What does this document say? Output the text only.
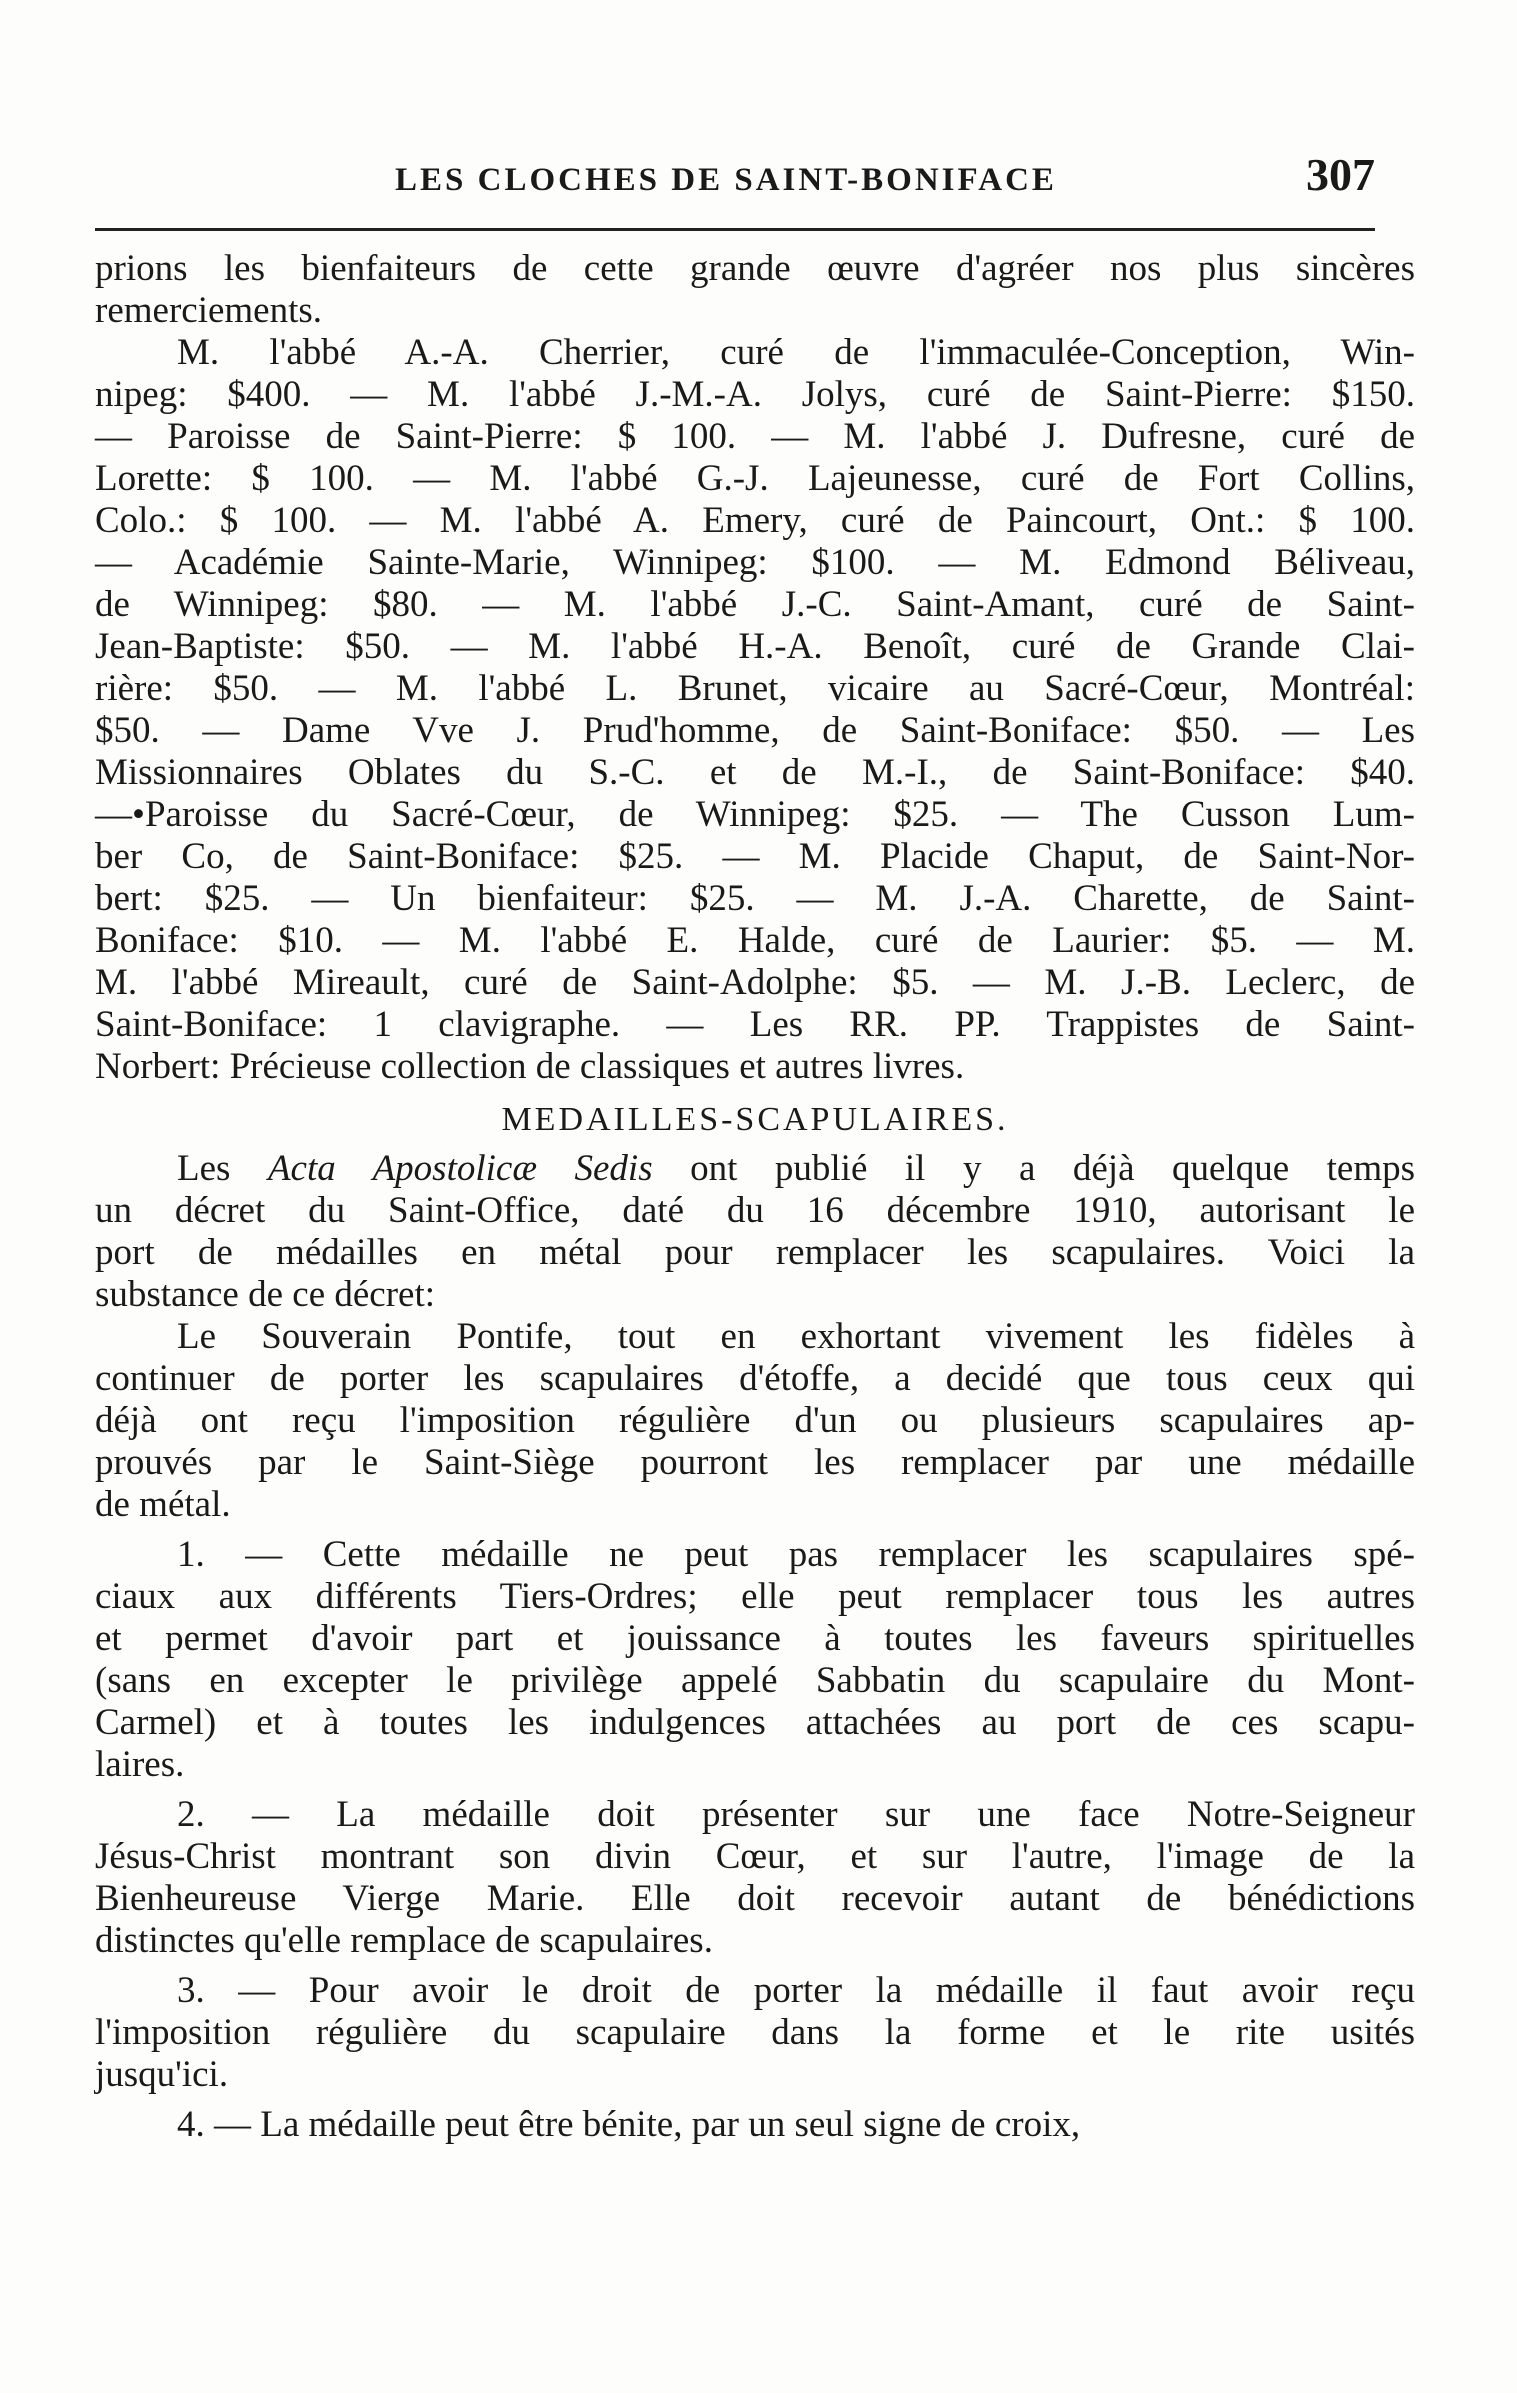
LES CLOCHES DE SAINT-BONIFACE	307
prions les bienfaiteurs de cette grande œuvre d'agréer nos plus sincères
remerciements.
M. l'abbé A.-A. Cherrier, curé de l'immaculée-Conception, Win-
nipeg: $400. — M. l'abbé J.-M.-A. Jolys, curé de Saint-Pierre: $150.
— Paroisse de Saint-Pierre: $ 100. — M. l'abbé J. Dufresne, curé de
Lorette: $ 100. — M. l'abbé G.-J. Lajeunesse, curé de Fort Collins,
Colo.: $ 100. — M. l'abbé A. Emery, curé de Paincourt, Ont.: $ 100.
— Académie Sainte-Marie, Winnipeg: $100. — M. Edmond Béliveau,
de Winnipeg: $80. — M. l'abbé J.-C. Saint-Amant, curé de Saint-
Jean-Baptiste: $50. — M. l'abbé H.-A. Benoît, curé de Grande Clai-
rière: $50. — M. l'abbé L. Brunet, vicaire au Sacré-Cœur, Montréal:
$50. — Dame Vve J. Prud'homme, de Saint-Boniface: $50. — Les
Missionnaires Oblates du S.-C. et de M.-I., de Saint-Boniface: $40.
—•Paroisse du Sacré-Cœur, de Winnipeg: $25. — The Cusson Lum-
ber Co, de Saint-Boniface: $25. — M. Placide Chaput, de Saint-Nor-
bert: $25. — Un bienfaiteur: $25. — M. J.-A. Charette, de Saint-
Boniface: $10. — M. l'abbé E. Halde, curé de Laurier: $5. — M.
M. l'abbé Mireault, curé de Saint-Adolphe: $5. — M. J.-B. Leclerc, de
Saint-Boniface: 1 clavigraphe. — Les RR. PP. Trappistes de Saint-
Norbert: Précieuse collection de classiques et autres livres.
MEDAILLES-SCAPULAIRES.
Les Acta Apostolicæ Sedis ont publié il y a déjà quelque temps
un décret du Saint-Office, daté du 16 décembre 1910, autorisant le
port de médailles en métal pour remplacer les scapulaires. Voici la
substance de ce décret:
Le Souverain Pontife, tout en exhortant vivement les fidèles à
continuer de porter les scapulaires d'étoffe, a decidé que tous ceux qui
déjà ont reçu l'imposition régulière d'un ou plusieurs scapulaires ap-
prouvés par le Saint-Siège pourront les remplacer par une médaille
de métal.
1. — Cette médaille ne peut pas remplacer les scapulaires spé-
ciaux aux différents Tiers-Ordres; elle peut remplacer tous les autres
et permet d'avoir part et jouissance à toutes les faveurs spirituelles
(sans en excepter le privilège appelé Sabbatin du scapulaire du Mont-
Carmel) et à toutes les indulgences attachées au port de ces scapu-
laires.
2. — La médaille doit présenter sur une face Notre-Seigneur
Jésus-Christ montrant son divin Cœur, et sur l'autre, l'image de la
Bienheureuse Vierge Marie. Elle doit recevoir autant de bénédictions
distinctes qu'elle remplace de scapulaires.
3. — Pour avoir le droit de porter la médaille il faut avoir reçu
l'imposition régulière du scapulaire dans la forme et le rite usités
jusqu'ici.
4. — La médaille peut être bénite, par un seul signe de croix,
